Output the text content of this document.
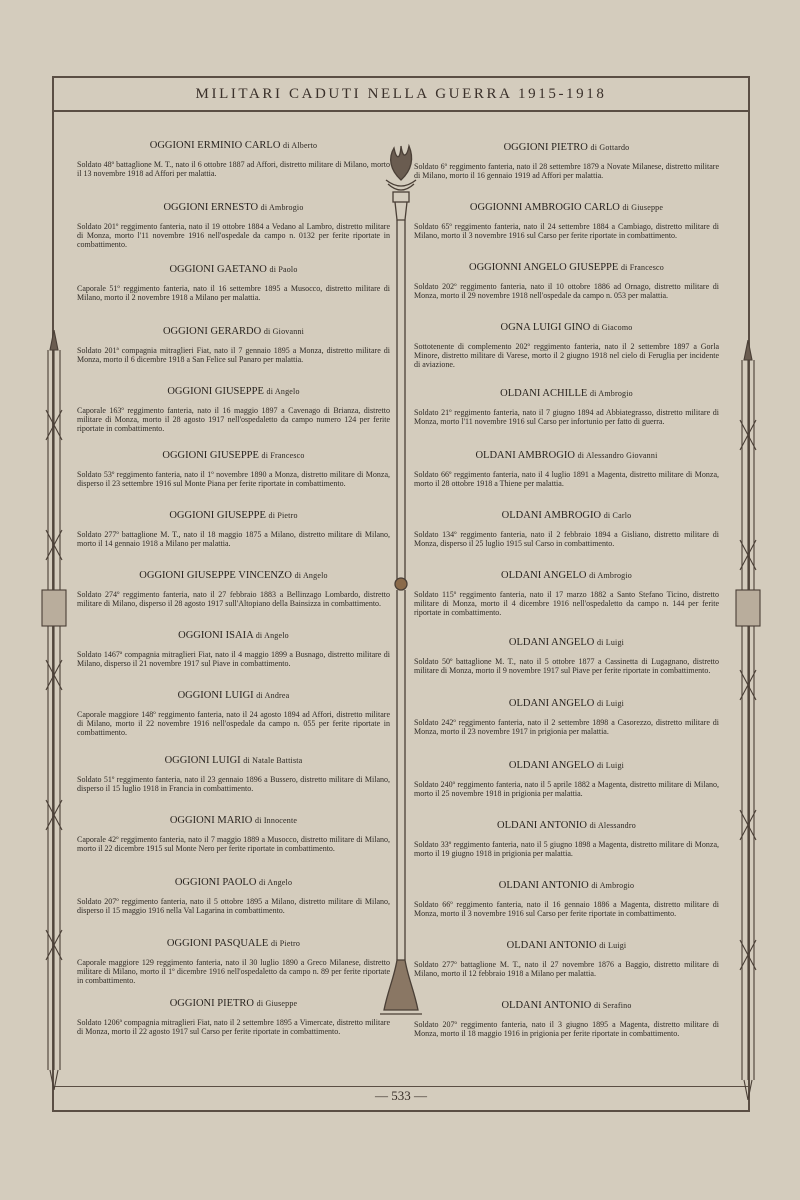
MILITARI CADUTI NELLA GUERRA 1915-1918
— 533 —
OGGIONI ERMINIO CARLO di Alberto

Soldato 48º battaglione M. T., nato il 6 ottobre 1887 ad Affori, distretto militare di Milano, morto il 13 novembre 1918 ad Affori per malattia.

OGGIONI ERNESTO di Ambrogio

Soldato 201º reggimento fanteria, nato il 19 ottobre 1884 a Vedano al Lambro, distretto militare di Monza, morto l'11 novembre 1916 nell'ospedale da campo n. 0132 per ferite riportate in combattimento.

OGGIONI GAETANO di Paolo

Caporale 51º reggimento fanteria, nato il 16 settembre 1895 a Musocco, distretto militare di Milano, morto il 2 novembre 1918 a Milano per malattia.

OGGIONI GERARDO di Giovanni

Soldato 201ª compagnia mitraglieri Fiat, nato il 7 gennaio 1895 a Monza, distretto militare di Monza, morto il 6 dicembre 1918 a San Felice sul Panaro per malattia.

OGGIONI GIUSEPPE di Angelo

Caporale 163º reggimento fanteria, nato il 16 maggio 1897 a Cavenago di Brianza, distretto militare di Monza, morto il 28 agosto 1917 nell'ospedaletto da campo numero 124 per ferite riportate in combattimento.

OGGIONI GIUSEPPE di Francesco

Soldato 53º reggimento fanteria, nato il 1º novembre 1890 a Monza, distretto militare di Monza, disperso il 23 settembre 1916 sul Monte Piana per ferite riportate in combattimento.

OGGIONI GIUSEPPE di Pietro

Soldato 277º battaglione M. T., nato il 18 maggio 1875 a Milano, distretto militare di Milano, morto il 14 gennaio 1918 a Milano per malattia.

OGGIONI GIUSEPPE VINCENZO di Angelo

Soldato 274º reggimento fanteria, nato il 27 febbraio 1883 a Bellinzago Lombardo, distretto militare di Milano, disperso il 28 agosto 1917 sull'Altopiano della Bainsizza in combattimento.

OGGIONI ISAIA di Angelo

Soldato 1467ª compagnia mitraglieri Fiat, nato il 4 maggio 1899 a Busnago, distretto militare di Milano, disperso il 21 novembre 1917 sul Piave in combattimento.

OGGIONI LUIGI di Andrea

Caporale maggiore 148º reggimento fanteria, nato il 24 agosto 1894 ad Affori, distretto militare di Milano, morto il 22 novembre 1916 nell'ospedale da campo n. 055 per ferite riportate in combattimento.

OGGIONI LUIGI di Natale Battista

Soldato 51º reggimento fanteria, nato il 23 gennaio 1896 a Bussero, distretto militare di Milano, disperso il 15 luglio 1918 in Francia in combattimento.

OGGIONI MARIO di Innocente

Caporale 42º reggimento fanteria, nato il 7 maggio 1889 a Musocco, distretto militare di Milano, morto il 22 dicembre 1915 sul Monte Nero per ferite riportate in combattimento.

OGGIONI PAOLO di Angelo

Soldato 207º reggimento fanteria, nato il 5 ottobre 1895 a Milano, distretto militare di Milano, disperso il 15 maggio 1916 nella Val Lagarina in combattimento.

OGGIONI PASQUALE di Pietro

Caporale maggiore 129 reggimento fanteria, nato il 30 luglio 1890 a Greco Milanese, distretto militare di Milano, morto il 1º dicembre 1916 nell'ospedaletto da campo n. 89 per ferite riportate in combattimento.

OGGIONI PIETRO di Giuseppe

Soldato 1206ª compagnia mitraglieri Fiat, nato il 2 settembre 1895 a Vimercate, distretto militare di Monza, morto il 22 agosto 1917 sul Carso per ferite riportate in combattimento.

OGGIONI PIETRO di Gottardo

Soldato 6º reggimento fanteria, nato il 28 settembre 1879 a Novate Milanese, distretto militare di Milano, morto il 16 gennaio 1919 ad Affori per malattia.

OGGIONNI AMBROGIO CARLO di Giuseppe

Soldato 65º reggimento fanteria, nato il 24 settembre 1884 a Cambiago, distretto militare di Milano, morto il 3 novembre 1916 sul Carso per ferite riportate in combattimento.

OGGIONNI ANGELO GIUSEPPE di Francesco

Soldato 202º reggimento fanteria, nato il 10 ottobre 1886 ad Ornago, distretto militare di Monza, morto il 29 novembre 1918 nell'ospedale da campo n. 053 per malattia.

OGNA LUIGI GINO di Giacomo

Sottotenente di complemento 202º reggimento fanteria, nato il 2 settembre 1897 a Gorla Minore, distretto militare di Varese, morto il 2 giugno 1918 nel cielo di Feruglia per incidente di aviazione.

OLDANI ACHILLE di Ambrogio

Soldato 21º reggimento fanteria, nato il 7 giugno 1894 ad Abbiategrasso, distretto militare di Monza, morto l'11 novembre 1916 sul Carso per infortunio per fatto di guerra.

OLDANI AMBROGIO di Alessandro Giovanni

Soldato 66º reggimento fanteria, nato il 4 luglio 1891 a Magenta, distretto militare di Monza, morto il 28 ottobre 1918 a Thiene per malattia.

OLDANI AMBROGIO di Carlo

Soldato 134º reggimento fanteria, nato il 2 febbraio 1894 a Gisliano, distretto militare di Monza, disperso il 25 luglio 1915 sul Carso in combattimento.

OLDANI ANGELO di Ambrogio

Soldato 115º reggimento fanteria, nato il 17 marzo 1882 a Santo Stefano Ticino, distretto militare di Monza, morto il 4 dicembre 1916 nell'ospedaletto da campo n. 144 per ferite riportate in combattimento.

OLDANI ANGELO di Luigi

Soldato 50º battaglione M. T., nato il 5 ottobre 1877 a Cassinetta di Lugagnano, distretto militare di Monza, morto il 9 novembre 1917 sul Piave per ferite riportate in combattimento.

OLDANI ANGELO di Luigi

Soldato 242º reggimento fanteria, nato il 2 settembre 1898 a Casorezzo, distretto militare di Monza, morto il 23 novembre 1917 in prigionia per malattia.

OLDANI ANGELO di Luigi

Soldato 240º reggimento fanteria, nato il 5 aprile 1882 a Magenta, distretto militare di Milano, morto il 25 novembre 1918 in prigionia per malattia.

OLDANI ANTONIO di Alessandro

Soldato 33º reggimento fanteria, nato il 5 giugno 1898 a Magenta, distretto militare di Monza, morto il 19 giugno 1918 in prigionia per malattia.

OLDANI ANTONIO di Ambrogio

Soldato 66º reggimento fanteria, nato il 16 gennaio 1886 a Magenta, distretto militare di Monza, morto il 3 novembre 1916 sul Carso per ferite riportate in combattimento.

OLDANI ANTONIO di Luigi

Soldato 277º battaglione M. T., nato il 27 novembre 1876 a Baggio, distretto militare di Milano, morto il 12 febbraio 1918 a Milano per malattia.

OLDANI ANTONIO di Serafino

Soldato 207º reggimento fanteria, nato il 3 giugno 1895 a Magenta, distretto militare di Monza, morto il 18 maggio 1916 in prigionia per ferite riportate in combattimento.
